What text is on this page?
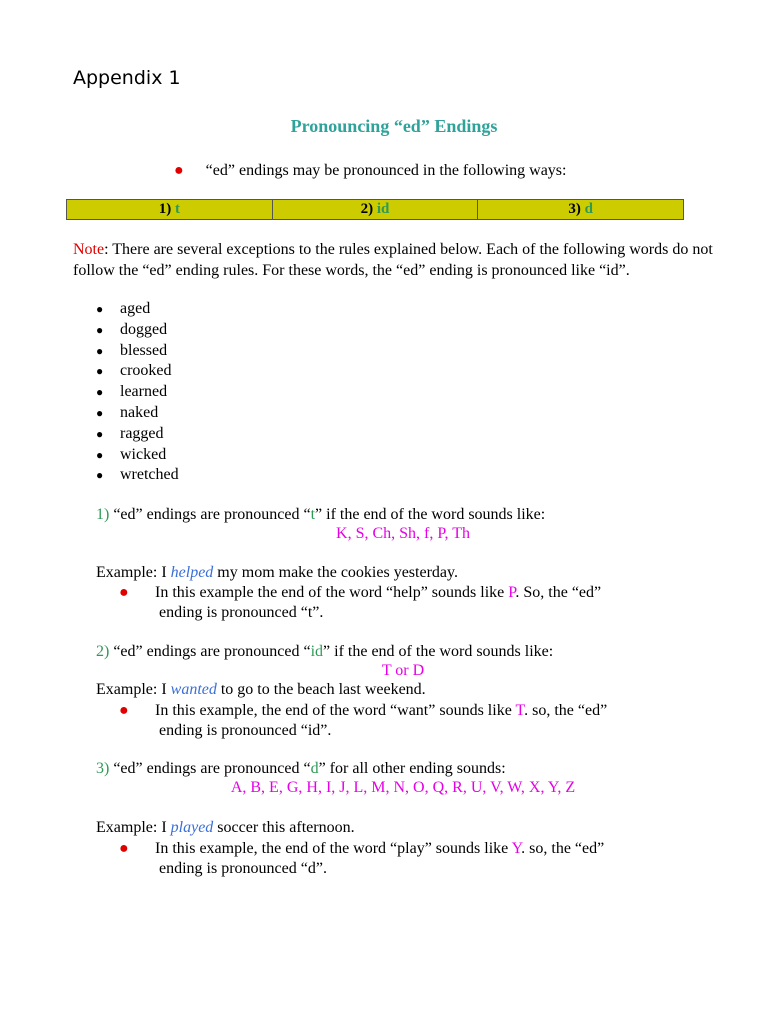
Appendix 1
Pronouncing “ed” Endings
● “ed” endings may be pronounced in the following ways:
1) t	2) id	3) d
Note: There are several exceptions to the rules explained below. Each of the following words do not follow the “ed” ending rules. For these words, the “ed” ending is pronounced like “id”.
● aged
● dogged
● blessed
● crooked
● learned
● naked
● ragged
● wicked
● wretched
1) “ed” endings are pronounced “t” if the end of the word sounds like:
K, S, Ch, Sh, f, P, Th
Example: I helped my mom make the cookies yesterday.
● In this example the end of the word “help” sounds like P. So, the “ed”
ending is pronounced “t”.
2) “ed” endings are pronounced “id” if the end of the word sounds like:
T or D
Example: I wanted to go to the beach last weekend.
● In this example, the end of the word “want” sounds like T. so, the “ed”
ending is pronounced “id”.
3) “ed” endings are pronounced “d” for all other ending sounds:
A, B, E, G, H, I, J, L, M, N, O, Q, R, U, V, W, X, Y, Z
Example: I played soccer this afternoon.
● In this example, the end of the word “play” sounds like Y. so, the “ed”
ending is pronounced “d”.
